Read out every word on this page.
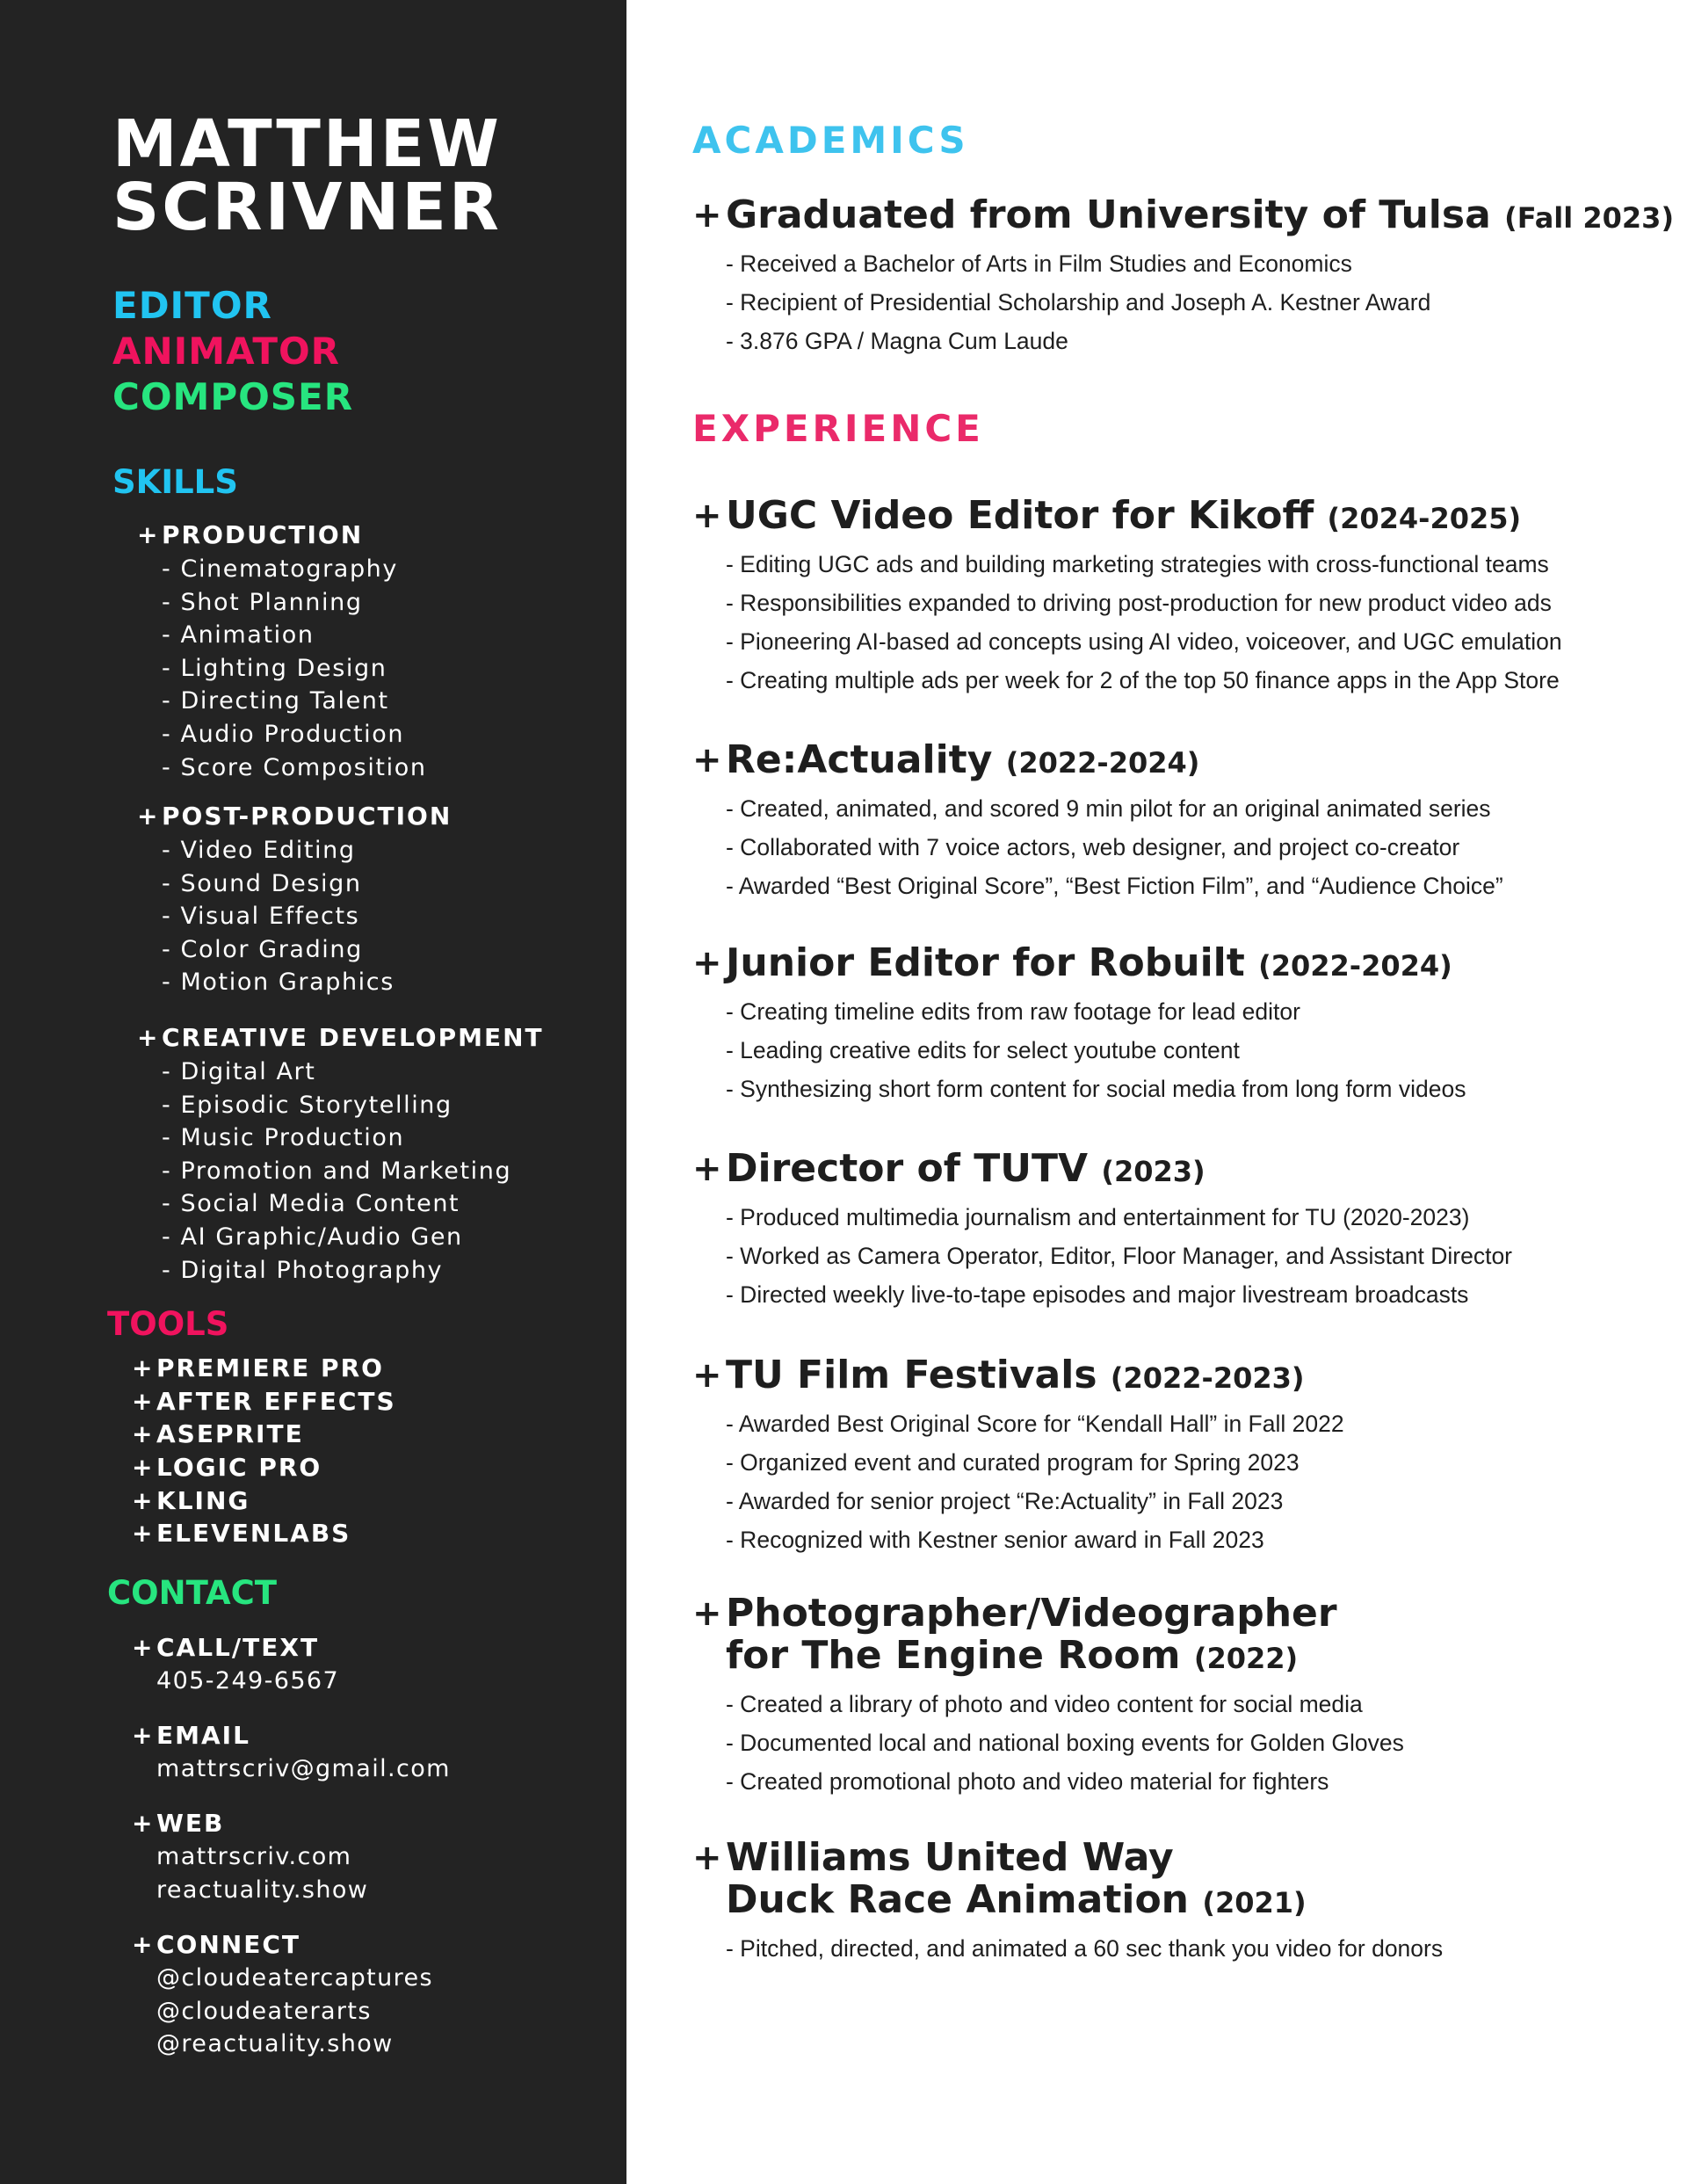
MATTHEW
SCRIVNER

EDITOR

ANIMATOR

COMPOSER

SKILLS
+PRODUCTION
- Cinematography
- Shot Planning
- Animation
- Lighting Design
- Directing Talent
- Audio Production
- Score Composition
+POST-PRODUCTION
- Video Editing
- Sound Design
- Visual Effects
- Color Grading
- Motion Graphics
+CREATIVE DEVELOPMENT
- Digital Art
- Episodic Storytelling
- Music Production
- Promotion and Marketing
- Social Media Content
- AI Graphic/Audio Gen
- Digital Photography
TOOLS
+PREMIERE PRO
+AFTER EFFECTS
+ASEPRITE
+LOGIC PRO
+KLING
+ELEVENLABS
CONTACT
+CALL/TEXT
405-249-6567
+EMAIL
mattrscriv@gmail.com
+WEB
mattrscriv.com
reactuality.show
+CONNECT
@cloudeatercaptures
@cloudeaterarts
@reactuality.show
ACADEMICS

+ Graduated from University of Tulsa (Fall 2023)

- Received a Bachelor of Arts in Film Studies and Economics
- Recipient of Presidential Scholarship and Joseph A. Kestner Award
- 3.876 GPA / Magna Cum Laude
EXPERIENCE

+ UGC Video Editor for Kikoff (2024-2025)

- Editing UGC ads and building marketing strategies with cross-functional teams
- Responsibilities expanded to driving post-production for new product video ads
- Pioneering AI-based ad concepts using AI video, voiceover, and UGC emulation
- Creating multiple ads per week for 2 of the top 50 finance apps in the App Store

+ Re:Actuality (2022-2024)

- Created, animated, and scored 9 min pilot for an original animated series
- Collaborated with 7 voice actors, web designer, and project co-creator
- Awarded “Best Original Score”, “Best Fiction Film”, and “Audience Choice”

+ Junior Editor for Robuilt (2022-2024)

- Creating timeline edits from raw footage for lead editor
- Leading creative edits for select youtube content
- Synthesizing short form content for social media from long form videos

+ Director of TUTV (2023)

- Produced multimedia journalism and entertainment for TU (2020-2023)
- Worked as Camera Operator, Editor, Floor Manager, and Assistant Director
- Directed weekly live-to-tape episodes and major livestream broadcasts

+ TU Film Festivals (2022-2023)

- Awarded Best Original Score for “Kendall Hall” in Fall 2022
- Organized event and curated program for Spring 2023
- Awarded for senior project “Re:Actuality” in Fall 2023
- Recognized with Kestner senior award in Fall 2023

+ Photographer/Videographer
for The Engine Room (2022)

- Created a library of photo and video content for social media
- Documented local and national boxing events for Golden Gloves
- Created promotional photo and video material for fighters

+ Williams United Way
Duck Race Animation (2021)

- Pitched, directed, and animated a 60 sec thank you video for donors
